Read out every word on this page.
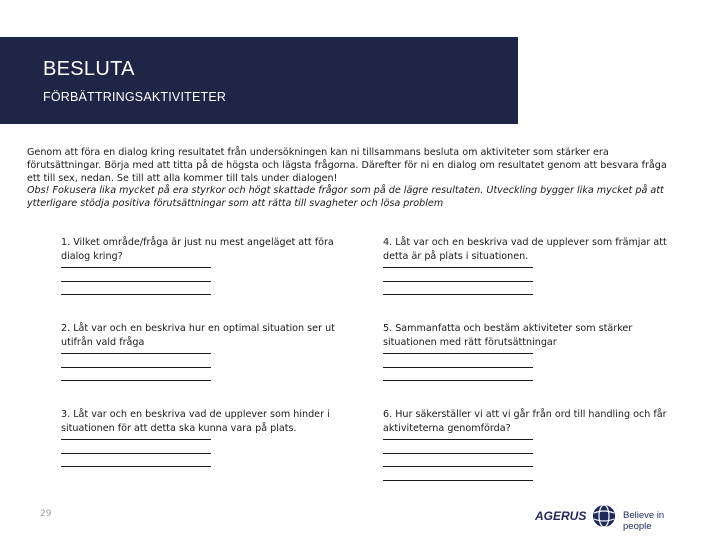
BESLUTA
FÖRBÄTTRINGSAKTIVITETER
Genom att föra en dialog kring resultatet från undersökningen kan ni tillsammans besluta om aktiviteter som stärker era förutsättningar. Börja med att titta på de högsta och lägsta frågorna. Därefter för ni en dialog om resultatet genom att besvara fråga ett till sex, nedan. Se till att alla kommer till tals under dialogen!
Obs! Fokusera lika mycket på era styrkor och högt skattade frågor som på de lägre resultaten. Utveckling bygger lika mycket på att ytterligare stödja positiva förutsättningar som att rätta till svagheter och lösa problem
1. Vilket område/fråga är just nu mest angeläget att föra dialog kring?
2. Låt var och en beskriva hur en optimal situation ser ut utifrån vald fråga
3. Låt var och en beskriva vad de upplever som hinder i situationen för att detta ska kunna vara på plats.
4. Låt var och en beskriva vad de upplever som främjar att detta är på plats i situationen.
5. Sammanfatta och bestäm aktiviteter som stärker situationen med rätt förutsättningar
6. Hur säkerställer vi att vi går från ord till handling och får aktiviteterna genomförda?
29	AGERUS	Believe in people
